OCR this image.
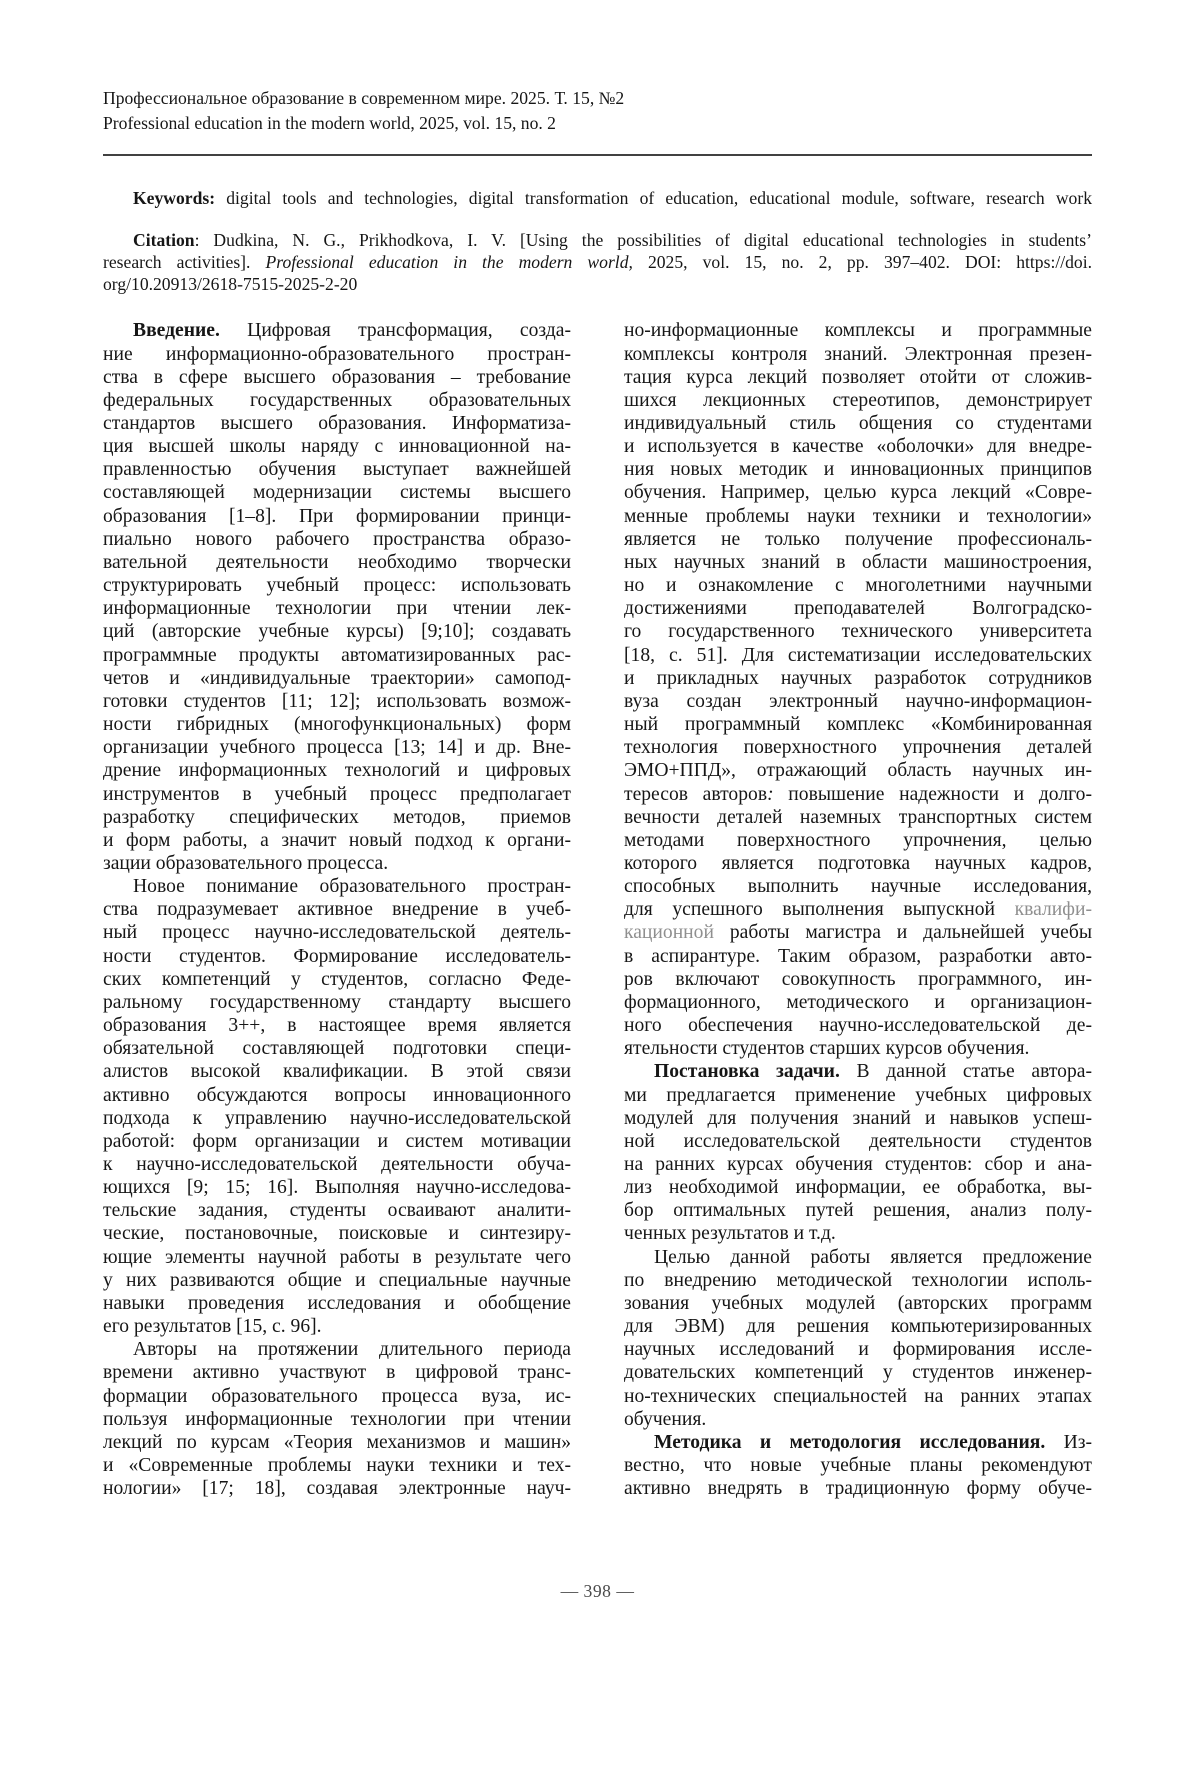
Профессиональное образование в современном мире. 2025. Т. 15, №2
Professional education in the modern world, 2025, vol. 15, no. 2
Keywords: digital tools and technologies, digital transformation of education, educational module, software, research work
Citation: Dudkina, N. G., Prikhodkova, I. V. [Using the possibilities of digital educational technologies in students’
research activities]. Professional education in the modern world, 2025, vol. 15, no. 2, pp. 397–402. DOI: https://doi.
org/10.20913/2618-7515-2025-2-20
Введение. Цифровая трансформация, созда-
ние информационно-образовательного простран-
ства в сфере высшего образования – требование
федеральных государственных образовательных
стандартов высшего образования. Информатиза-
ция высшей школы наряду с инновационной на-
правленностью обучения выступает важнейшей
составляющей модернизации системы высшего
образования [1–8]. При формировании принци-
пиально нового рабочего пространства образо-
вательной деятельности необходимо творчески
структурировать учебный процесс: использовать
информационные технологии при чтении лек-
ций (авторские учебные курсы) [9;10]; создавать
программные продукты автоматизированных рас-
четов и «индивидуальные траектории» самопод-
готовки студентов [11; 12]; использовать возмож-
ности гибридных (многофункциональных) форм
организации учебного процесса [13; 14] и др. Вне-
дрение информационных технологий и цифровых
инструментов в учебный процесс предполагает
разработку специфических методов, приемов
и форм работы, а значит новый подход к органи-
зации образовательного процесса.
Новое понимание образовательного простран-
ства подразумевает активное внедрение в учеб-
ный процесс научно-исследовательской деятель-
ности студентов. Формирование исследователь-
ских компетенций у студентов, согласно Феде-
ральному государственному стандарту высшего
образования 3++, в настоящее время является
обязательной составляющей подготовки специ-
алистов высокой квалификации. В этой связи
активно обсуждаются вопросы инновационного
подхода к управлению научно-исследовательской
работой: форм организации и систем мотивации
к научно-исследовательской деятельности обуча-
ющихся [9; 15; 16]. Выполняя научно-исследова-
тельские задания, студенты осваивают аналити-
ческие, постановочные, поисковые и синтезиру-
ющие элементы научной работы в результате чего
у них развиваются общие и специальные научные
навыки проведения исследования и обобщение
его результатов [15, с. 96].
Авторы на протяжении длительного периода
времени активно участвуют в цифровой транс-
формации образовательного процесса вуза, ис-
пользуя информационные технологии при чтении
лекций по курсам «Теория механизмов и машин»
и «Современные проблемы науки техники и тех-
нологии» [17; 18], создавая электронные науч-
но-информационные комплексы и программные
комплексы контроля знаний. Электронная презен-
тация курса лекций позволяет отойти от сложив-
шихся лекционных стереотипов, демонстрирует
индивидуальный стиль общения со студентами
и используется в качестве «оболочки» для внедре-
ния новых методик и инновационных принципов
обучения. Например, целью курса лекций «Совре-
менные проблемы науки техники и технологии»
является не только получение профессиональ-
ных научных знаний в области машиностроения,
но и ознакомление с многолетними научными
достижениями преподавателей Волгоградско-
го государственного технического университета
[18, с. 51]. Для систематизации исследовательских
и прикладных научных разработок сотрудников
вуза создан электронный научно-информацион-
ный программный комплекс «Комбинированная
технология поверхностного упрочнения деталей
ЭМО+ППД», отражающий область научных ин-
тересов авторов: повышение надежности и долго-
вечности деталей наземных транспортных систем
методами поверхностного упрочнения, целью
которого является подготовка научных кадров,
способных выполнить научные исследования,
для успешного выполнения выпускной квалифи-
кационной работы магистра и дальнейшей учебы
в аспирантуре. Таким образом, разработки авто-
ров включают совокупность программного, ин-
формационного, методического и организацион-
ного обеспечения научно-исследовательской де-
ятельности студентов старших курсов обучения.
Постановка задачи. В данной статье автора-
ми предлагается применение учебных цифровых
модулей для получения знаний и навыков успеш-
ной исследовательской деятельности студентов
на ранних курсах обучения студентов: сбор и ана-
лиз необходимой информации, ее обработка, вы-
бор оптимальных путей решения, анализ полу-
ченных результатов и т.д.
Целью данной работы является предложение
по внедрению методической технологии исполь-
зования учебных модулей (авторских программ
для ЭВМ) для решения компьютеризированных
научных исследований и формирования иссле-
довательских компетенций у студентов инженер-
но-технических специальностей на ранних этапах
обучения.
Методика и методология исследования. Из-
вестно, что новые учебные планы рекомендуют
активно внедрять в традиционную форму обуче-
— 398 —
